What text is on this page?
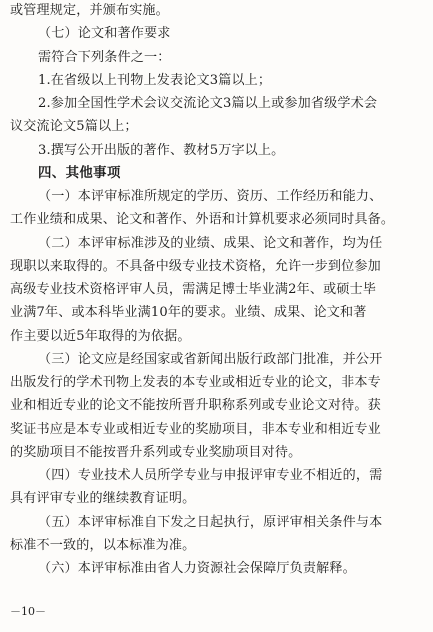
或管理规定，并颁布实施。
（七）论文和著作要求
需符合下列条件之一：
1.在省级以上刊物上发表论文3篇以上；
2.参加全国性学术会议交流论文3篇以上或参加省级学术会
议交流论文5篇以上；
3.撰写公开出版的著作、教材5万字以上。
四、其他事项
（一）本评审标准所规定的学历、资历、工作经历和能力、
工作业绩和成果、论文和著作、外语和计算机要求必须同时具备。
（二）本评审标准涉及的业绩、成果、论文和著作，均为任
现职以来取得的。不具备中级专业技术资格，允许一步到位参加
高级专业技术资格评审人员，需满足博士毕业满2年、或硕士毕
业满7年、或本科毕业满10年的要求。业绩、成果、论文和著
作主要以近5年取得的为依据。
（三）论文应是经国家或省新闻出版行政部门批准，并公开
出版发行的学术刊物上发表的本专业或相近专业的论文，非本专
业和相近专业的论文不能按所晋升职称系列或专业论文对待。获
奖证书应是本专业或相近专业的奖励项目，非本专业和相近专业
的奖励项目不能按晋升系列或专业奖励项目对待。
（四）专业技术人员所学专业与申报评审专业不相近的，需
具有评审专业的继续教育证明。
（五）本评审标准自下发之日起执行，原评审相关条件与本
标准不一致的，以本标准为准。
（六）本评审标准由省人力资源社会保障厅负责解释。
－10－
